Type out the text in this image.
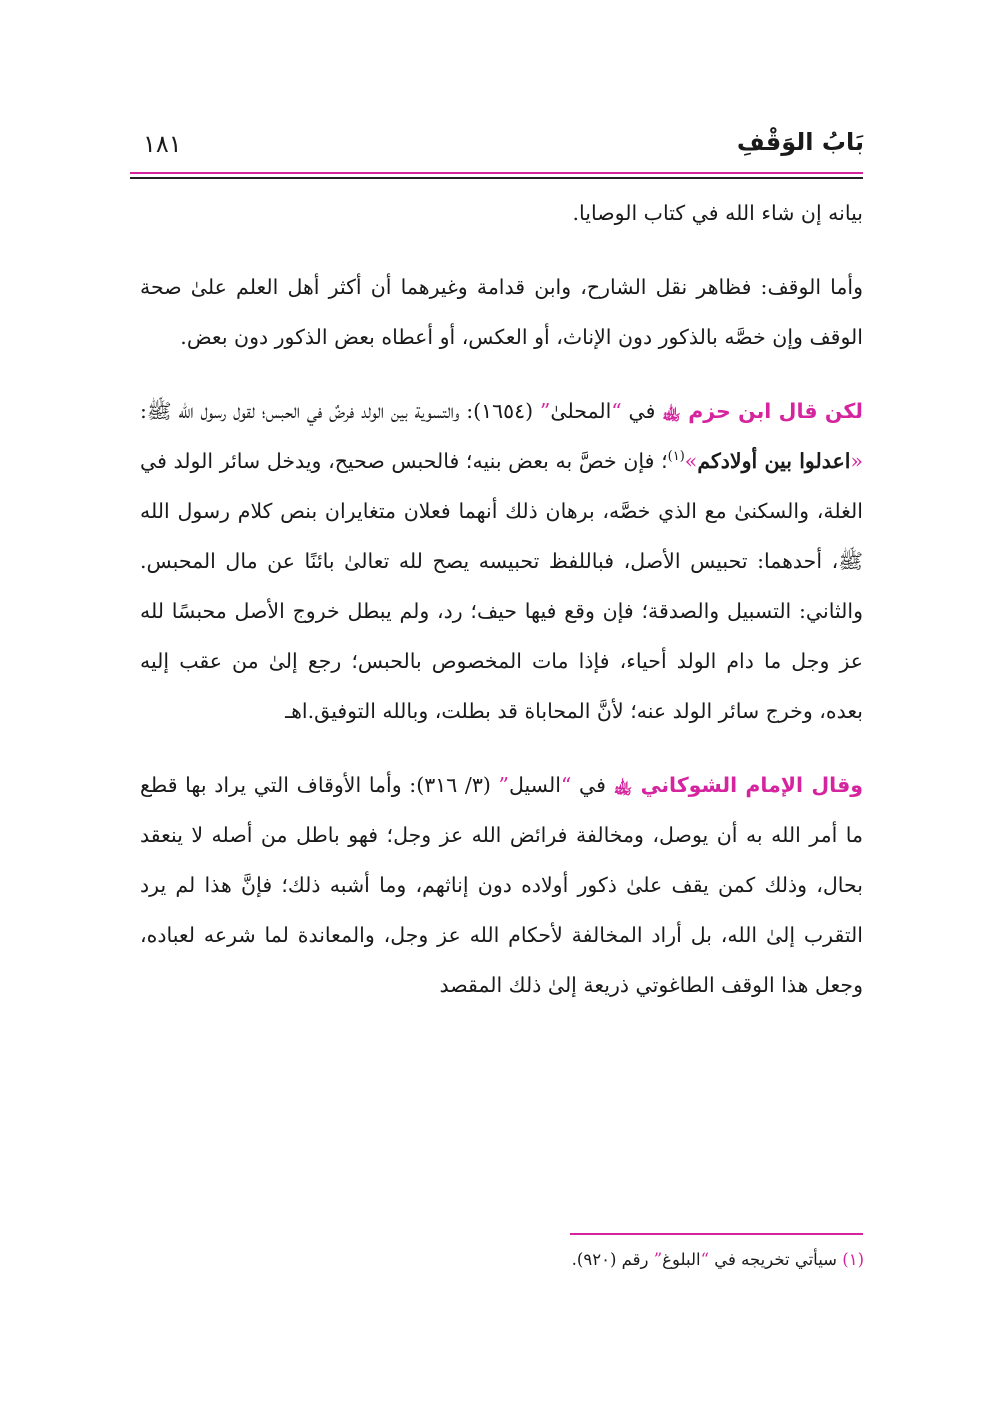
بَابُ الوَقْفِ
١٨١

بيانه إن شاء الله في كتاب الوصايا.

وأما الوقف: فظاهر نقل الشارح، وابن قدامة وغيرهما أن أكثر أهل العلم علىٰ صحة الوقف وإن خصَّه بالذكور دون الإناث، أو العكس، أو أعطاه بعض الذكور دون بعض.

لكن قال ابن حزم ﵀ في “المحلىٰ” (١٦٥٤): والتسوية بين الولد فرضٌ في الحبس؛ لقول رسول الله ﷺ: «اعدلوا بين أولادكم»$^{(١)}$؛ فإن خصَّ به بعض بنيه؛ فالحبس صحيح، ويدخل سائر الولد في الغلة، والسكنىٰ مع الذي خصَّه، برهان ذلك أنهما فعلان متغايران بنص كلام رسول الله ﷺ، أحدهما: تحبيس الأصل، فباللفظ تحبيسه يصح لله تعالىٰ بائنًا عن مال المحبس. والثاني: التسبيل والصدقة؛ فإن وقع فيها حيف؛ رد، ولم يبطل خروج الأصل محبسًا لله عز وجل ما دام الولد أحياء، فإذا مات المخصوص بالحبس؛ رجع إلىٰ من عقب إليه بعده، وخرج سائر الولد عنه؛ لأنَّ المحاباة قد بطلت، وبالله التوفيق.اهـ

وقال الإمام الشوكاني ﵀ في “السيل” (٣/ ٣١٦): وأما الأوقاف التي يراد بها قطع ما أمر الله به أن يوصل، ومخالفة فرائض الله عز وجل؛ فهو باطل من أصله لا ينعقد بحال، وذلك كمن يقف علىٰ ذكور أولاده دون إناثهم، وما أشبه ذلك؛ فإنَّ هذا لم يرد التقرب إلىٰ الله، بل أراد المخالفة لأحكام الله عز وجل، والمعاندة لما شرعه لعباده، وجعل هذا الوقف الطاغوتي ذريعة إلىٰ ذلك المقصد

(١) سيأتي تخريجه في “البلوغ” رقم (٩٢٠).
